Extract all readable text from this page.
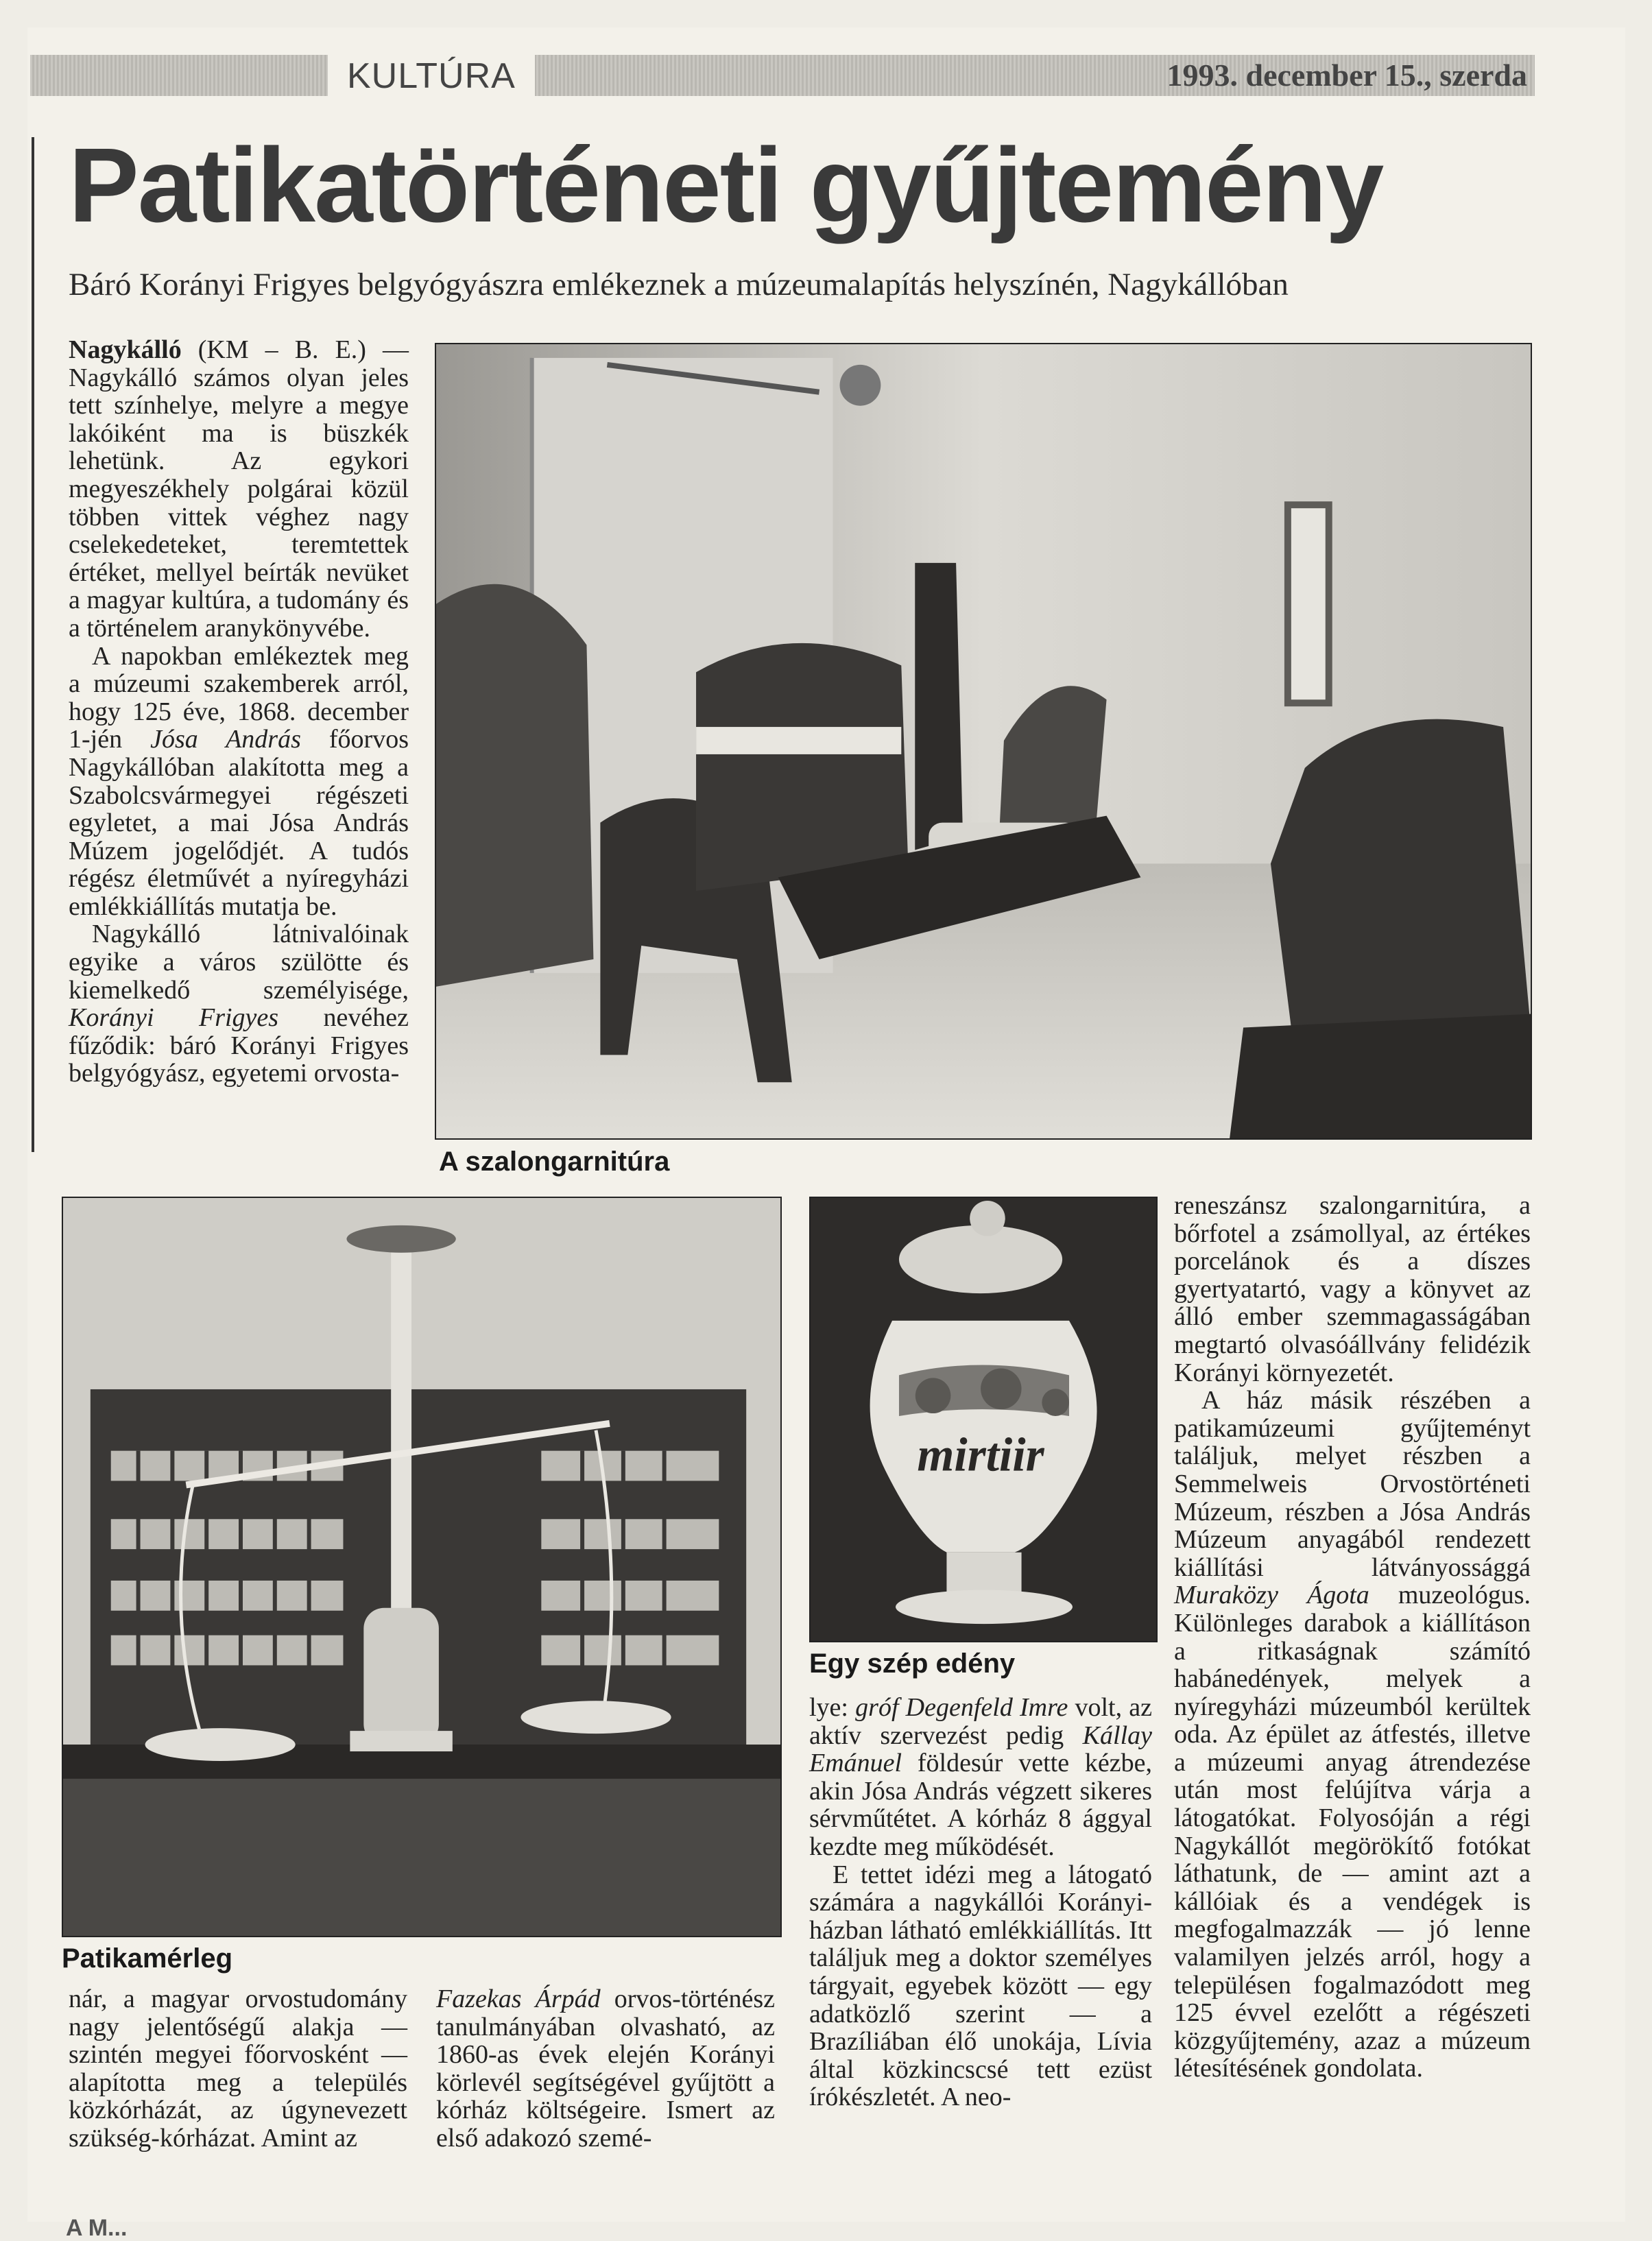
KULTÚRA	1993. december 15., szerda
Patikatörténeti gyűjtemény
Báró Korányi Frigyes belgyógyászra emlékeznek a múzeumalapítás helyszínén, Nagykállóban

Nagykálló (KM – B. E.) — Nagykálló számos olyan jeles tett színhelye, melyre a megye lakóiként ma is büszkék lehetünk. Az egykori megyeszékhely polgárai közül többen vittek véghez nagy cselekedeteket, teremtettek értéket, mellyel beírták nevüket a magyar kultúra, a tudomány és a történelem aranykönyvébe.

A napokban emlékeztek meg a múzeumi szakemberek arról, hogy 125 éve, 1868. december 1-jén Jósa András főorvos Nagykállóban alakította meg a Szabolcsvármegyei régészeti egyletet, a mai Jósa András Múzem jogelődjét. A tudós régész életművét a nyíregyházi emlékkiállítás mutatja be.

Nagykálló látnivalóinak egyike a város szülötte és kiemelkedő személyisége, Korányi Frigyes nevéhez fűződik: báró Korányi Frigyes belgyógyász, egyetemi orvosta-

A szalongarnitúra
Patikamérleg
mirtiir
Egy szép edény

nár, a magyar orvostudomány nagy jelentőségű alakja — szintén megyei főorvosként — alapította meg a település közkórházát, az úgynevezett szükség-kórházat. Amint az

Fazekas Árpád orvos-történész tanulmányában olvasható, az 1860-as évek elején Korányi körlevél segítségével gyűjtött a kórház költségeire. Ismert az első adakozó szemé-

lye: gróf Degenfeld Imre volt, az aktív szervezést pedig Kállay Emánuel földesúr vette kézbe, akin Jósa András végzett sikeres sérvműtétet. A kórház 8 ággyal kezdte meg működését.

E tettet idézi meg a látogató számára a nagykállói Korányi-házban látható emlékkiállítás. Itt találjuk meg a doktor személyes tárgyait, egyebek között — egy adatközlő szerint — a Brazíliában élő unokája, Lívia által közkincscsé tett ezüst írókészletét. A neo-

reneszánsz szalongarnitúra, a bőrfotel a zsámollyal, az értékes porcelánok és a díszes gyertyatartó, vagy a könyvet az álló ember szemmagasságában megtartó olvasóállvány felidézik Korányi környezetét.

A ház másik részében a patikamúzeumi gyűjteményt találjuk, melyet részben a Semmelweis Orvostörténeti Múzeum, részben a Jósa András Múzeum anyagából rendezett kiállítási látványossággá Muraközy Ágota muzeológus. Különleges darabok a kiállításon a ritkaságnak számító habánedények, melyek a nyíregyházi múzeumból kerültek oda. Az épület az átfestés, illetve a múzeumi anyag átrendezése után most felújítva várja a látogatókat. Folyosóján a régi Nagykállót megörökítő fotókat láthatunk, de — amint azt a kállóiak és a vendégek is megfogalmazzák — jó lenne valamilyen jelzés arról, hogy a településen fogalmazódott meg 125 évvel ezelőtt a régészeti közgyűjtemény, azaz a múzeum létesítésének gondolata.

A M...
